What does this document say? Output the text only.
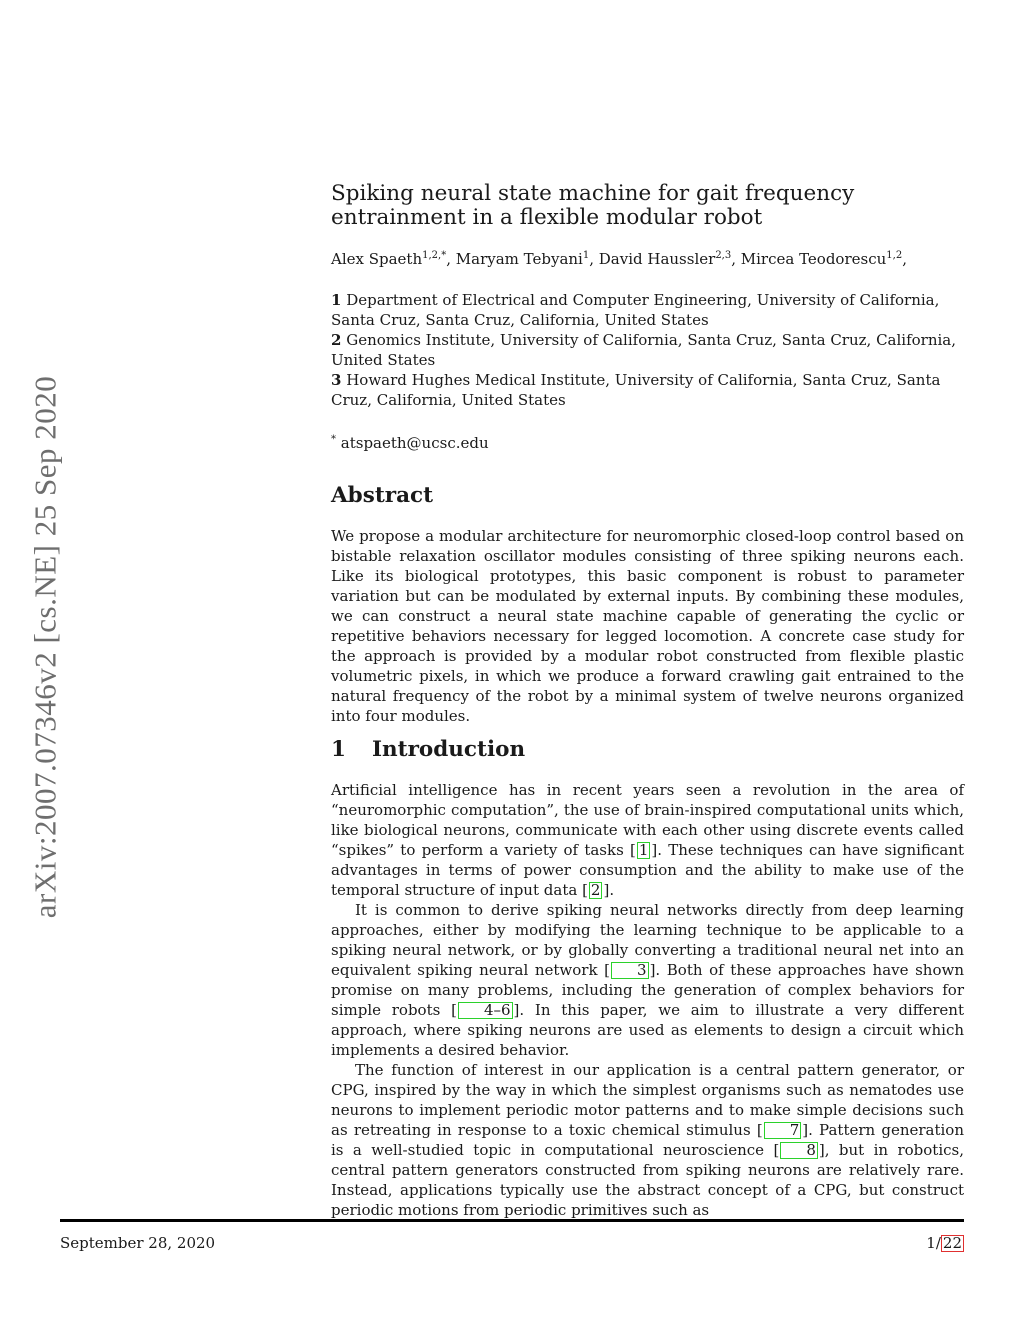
arXiv:2007.07346v2 [cs.NE] 25 Sep 2020
Spiking neural state machine for gait frequency entrainment in a flexible modular robot
Alex Spaeth$^{1,2,*}$, Maryam Tebyani$^1$, David Haussler$^{2,3}$, Mircea Teodorescu$^{1,2}$,

1 Department of Electrical and Computer Engineering, University of California, Santa Cruz, Santa Cruz, California, United States

2 Genomics Institute, University of California, Santa Cruz, Santa Cruz, California, United States

3 Howard Hughes Medical Institute, University of California, Santa Cruz, Santa Cruz, California, United States

* atspaeth@ucsc.edu
Abstract

We propose a modular architecture for neuromorphic closed-loop control based on bistable relaxation oscillator modules consisting of three spiking neurons each. Like its biological prototypes, this basic component is robust to parameter variation but can be modulated by external inputs. By combining these modules, we can construct a neural state machine capable of generating the cyclic or repetitive behaviors necessary for legged locomotion. A concrete case study for the approach is provided by a modular robot constructed from flexible plastic volumetric pixels, in which we produce a forward crawling gait entrained to the natural frequency of the robot by a minimal system of twelve neurons organized into four modules.

1 Introduction

Artificial intelligence has in recent years seen a revolution in the area of “neuromorphic computation”, the use of brain-inspired computational units which, like biological neurons, communicate with each other using discrete events called “spikes” to perform a variety of tasks [ 1 ]. These techniques can have significant advantages in terms of power consumption and the ability to make use of the temporal structure of input data [ 2 ].

It is common to derive spiking neural networks directly from deep learning approaches, either by modifying the learning technique to be applicable to a spiking neural network, or by globally converting a traditional neural net into an equivalent spiking neural network [ 3 ]. Both of these approaches have shown promise on many problems, including the generation of complex behaviors for simple robots [ 4–6 ]. In this paper, we aim to illustrate a very different approach, where spiking neurons are used as elements to design a circuit which implements a desired behavior.

The function of interest in our application is a central pattern generator, or CPG, inspired by the way in which the simplest organisms such as nematodes use neurons to implement periodic motor patterns and to make simple decisions such as retreating in response to a toxic chemical stimulus [ 7 ]. Pattern generation is a well-studied topic in computational neuroscience [ 8 ], but in robotics, central pattern generators constructed from spiking neurons are relatively rare. Instead, applications typically use the abstract concept of a CPG, but construct periodic motions from periodic primitives such as

September 28, 2020	1/ 22
